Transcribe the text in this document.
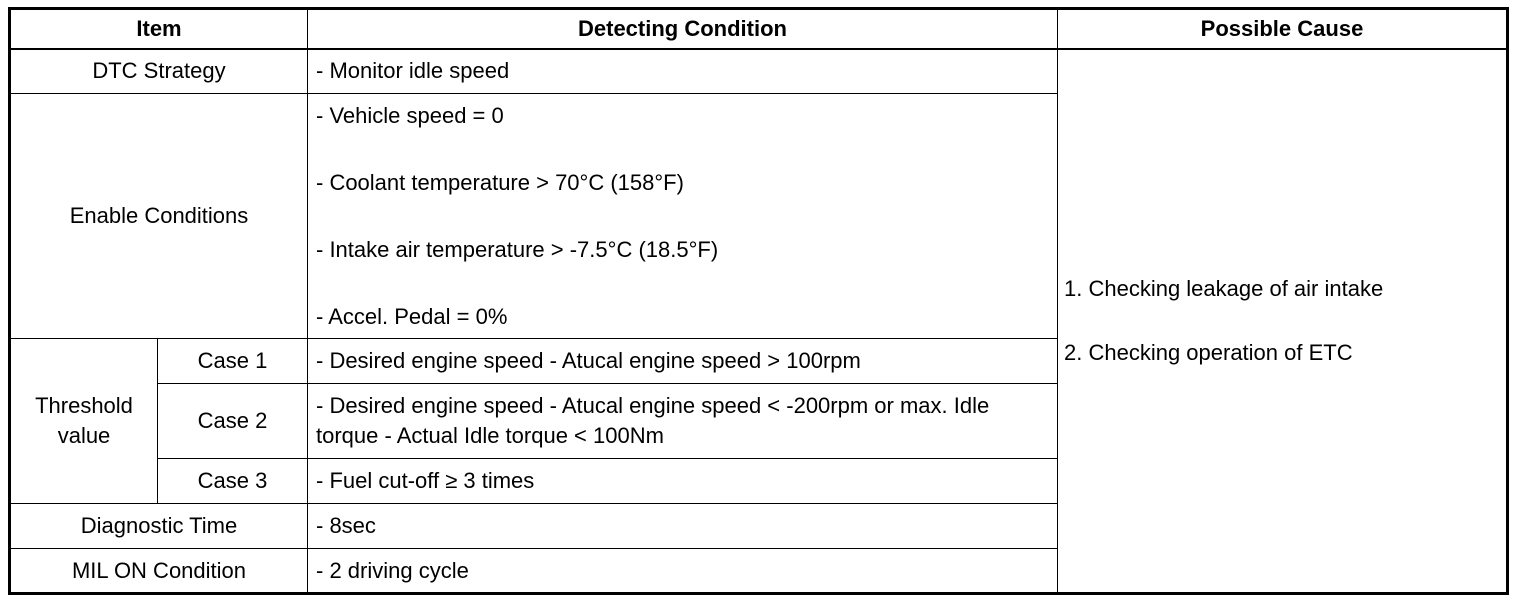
Item		Detecting Condition	Possible Cause
DTC Strategy		- Monitor idle speed	1. Checking leakage of air intake
2. Checking operation of ETC

Enable Conditions		- Vehicle speed = 0
- Coolant temperature > 70°C (158°F)
- Intake air temperature > -7.5°C (18.5°F)
- Accel. Pedal = 0%	

Threshold value	Case 1	- Desired engine speed - Atucal engine speed > 100rpm	
	Case 2	- Desired engine speed - Atucal engine speed < -200rpm or max. Idle torque - Actual Idle torque < 100Nm	
	Case 3	- Fuel cut-off ≥ 3 times	
Diagnostic Time		- 8sec	
MIL ON Condition		- 2 driving cycle	
